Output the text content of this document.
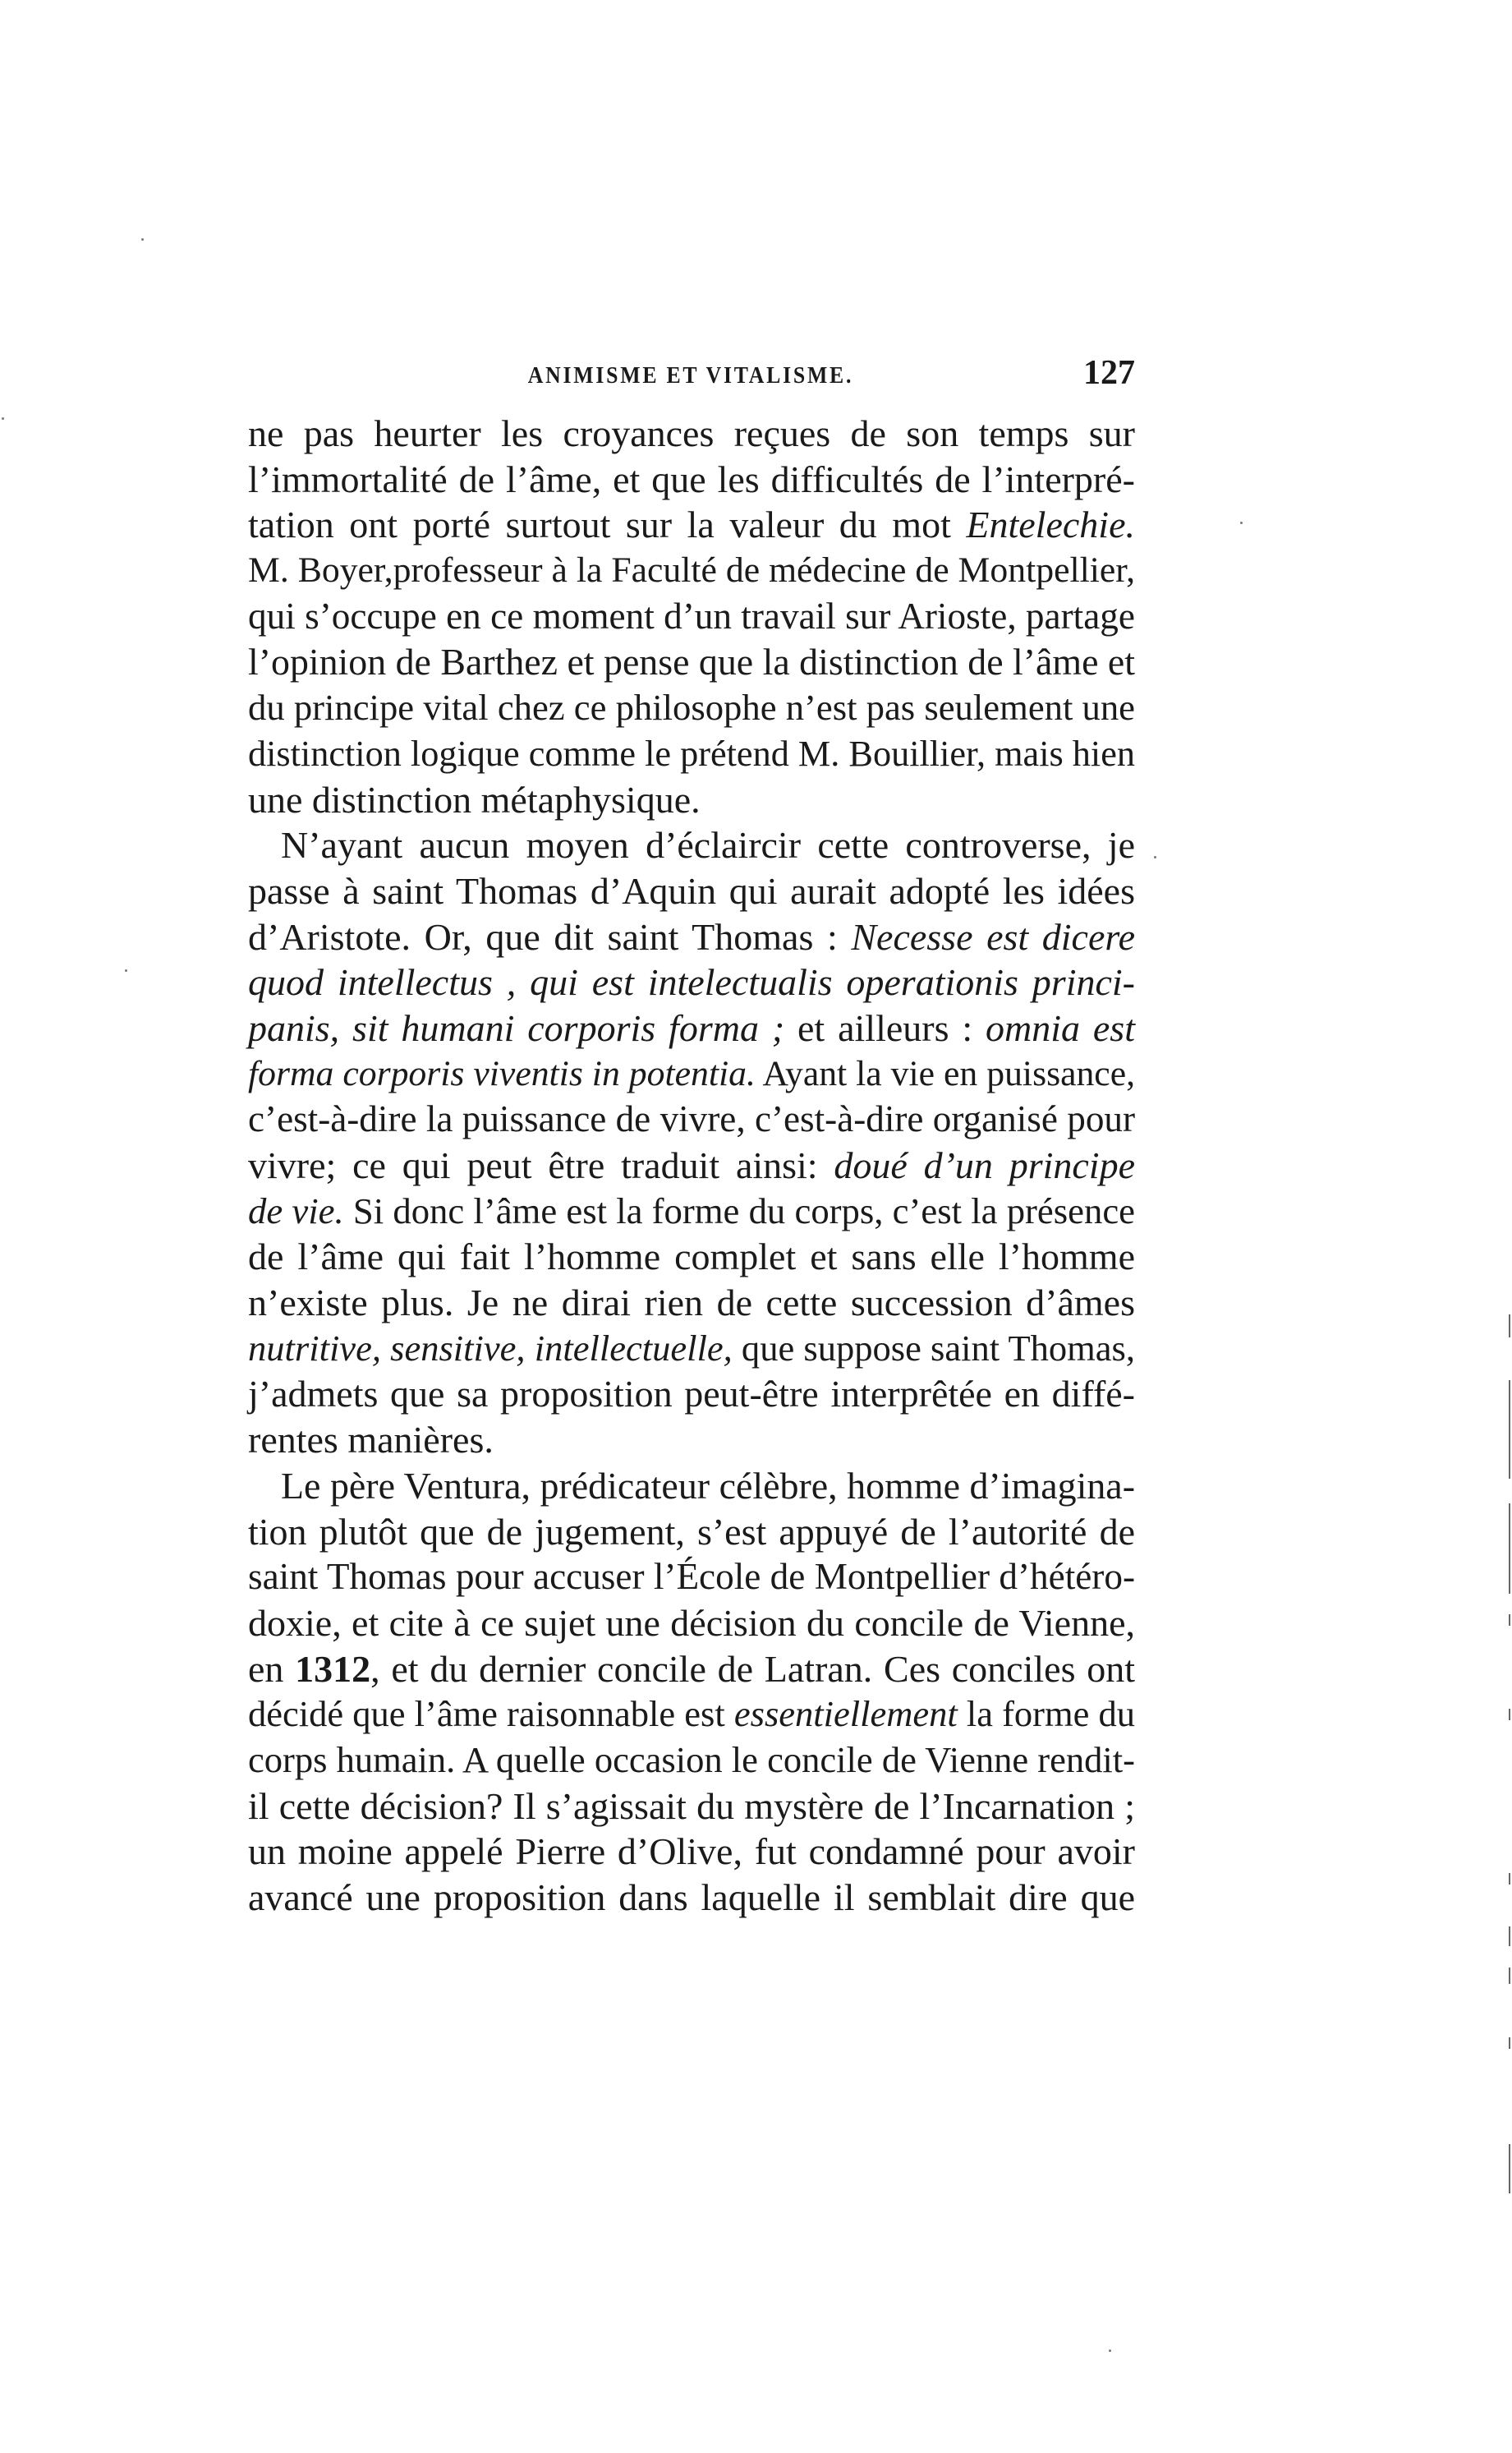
ANIMISME ET VITALISME.	127
ne pas heurter les croyances reçues de son temps sur
l’immortalité de l’âme, et que les difficultés de l’interpré-
tation ont porté surtout sur la valeur du mot Entelechie.
M. Boyer,professeur à la Faculté de médecine de Montpellier,
qui s’occupe en ce moment d’un travail sur Arioste, partage
l’opinion de Barthez et pense que la distinction de l’âme et
du principe vital chez ce philosophe n’est pas seulement une
distinction logique comme le prétend M. Bouillier, mais hien
une distinction métaphysique.
N’ayant aucun moyen d’éclaircir cette controverse, je
passe à saint Thomas d’Aquin qui aurait adopté les idées
d’Aristote. Or, que dit saint Thomas : Necesse est dicere
quod intellectus , qui est intelectualis operationis princi-
panis, sit humani corporis forma ; et ailleurs : omnia est
forma corporis viventis in potentia. Ayant la vie en puissance,
c’est-à-dire la puissance de vivre, c’est-à-dire organisé pour
vivre; ce qui peut être traduit ainsi: doué d’un principe
de vie. Si donc l’âme est la forme du corps, c’est la présence
de l’âme qui fait l’homme complet et sans elle l’homme
n’existe plus. Je ne dirai rien de cette succession d’âmes
nutritive, sensitive, intellectuelle, que suppose saint Thomas,
j’admets que sa proposition peut-être interprêtée en diffé-
rentes manières.
Le père Ventura, prédicateur célèbre, homme d’imagina-
tion plutôt que de jugement, s’est appuyé de l’autorité de
saint Thomas pour accuser l’École de Montpellier d’hétéro-
doxie, et cite à ce sujet une décision du concile de Vienne,
en 1312, et du dernier concile de Latran. Ces conciles ont
décidé que l’âme raisonnable est essentiellement la forme du
corps humain. A quelle occasion le concile de Vienne rendit-
il cette décision? Il s’agissait du mystère de l’Incarnation ;
un moine appelé Pierre d’Olive, fut condamné pour avoir
avancé une proposition dans laquelle il semblait dire que
